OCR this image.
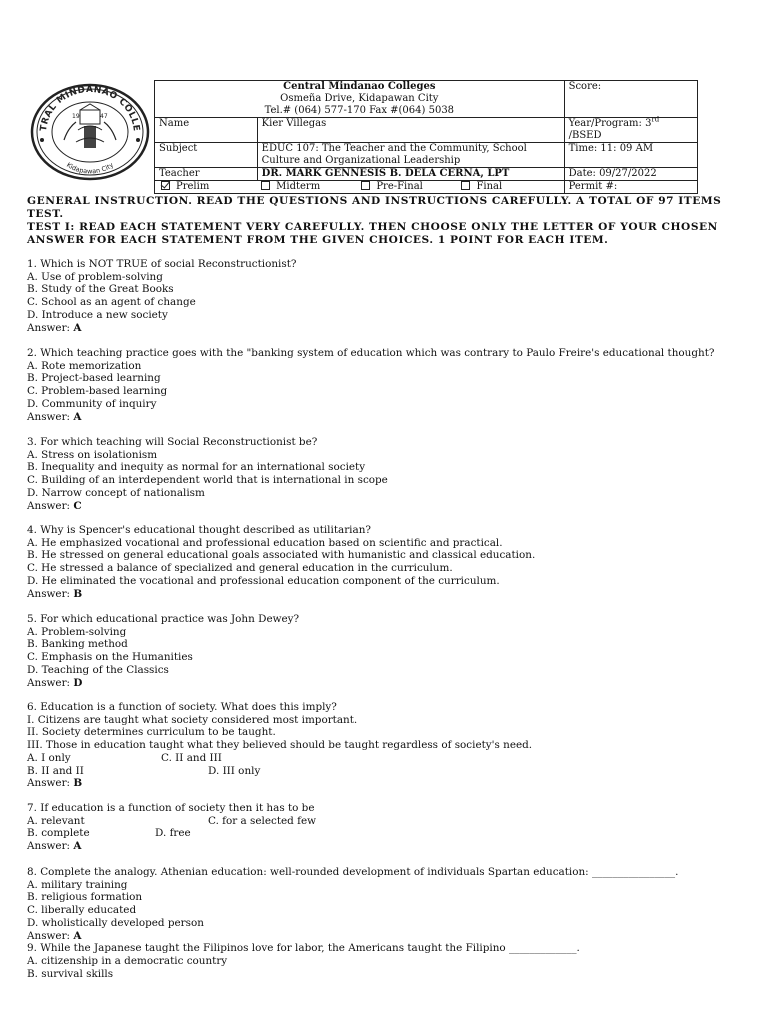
TRAL MINDANAO COLLE
Kidapawan City
19	47
Central Mindanao Colleges
Osmeña Drive, Kidapawan City
Tel.# (064) 577-170 Fax #(064) 5038		Score:
Name	Kier Villegas	Year/Program: 3rd /BSED
Subject	EDUC 107: The Teacher and the Community, School Culture and Organizational Leadership	Time: 11: 09 AM
Teacher	DR. MARK GENNESIS B. DELA CERNA, LPT	Date: 09/27/2022

Prelim Midterm Pre-Final Final		Permit #:
GENERAL INSTRUCTION. READ THE QUESTIONS AND INSTRUCTIONS CAREFULLY. A TOTAL OF 97 ITEMS TEST.
TEST I: READ EACH STATEMENT VERY CAREFULLY. THEN CHOOSE ONLY THE LETTER OF YOUR CHOSEN ANSWER FOR EACH STATEMENT FROM THE GIVEN CHOICES. 1 POINT FOR EACH ITEM.
1. Which is NOT TRUE of social Reconstructionist?
A. Use of problem-solving
B. Study of the Great Books
C. School as an agent of change
D. Introduce a new society
Answer: A
2. Which teaching practice goes with the "banking system of education which was contrary to Paulo Freire's educational thought?
A. Rote memorization
B. Project-based learning
C. Problem-based learning
D. Community of inquiry
Answer: A
3. For which teaching will Social Reconstructionist be?
A. Stress on isolationism
B. Inequality and inequity as normal for an international society
C. Building of an interdependent world that is international in scope
D. Narrow concept of nationalism
Answer: C
4. Why is Spencer's educational thought described as utilitarian?
A. He emphasized vocational and professional education based on scientific and practical.
B. He stressed on general educational goals associated with humanistic and classical education.
C. He stressed a balance of specialized and general education in the curriculum.
D. He eliminated the vocational and professional education component of the curriculum.
Answer: B
5. For which educational practice was John Dewey?
A. Problem-solving
B. Banking method
C. Emphasis on the Humanities
D. Teaching of the Classics
Answer: D
6. Education is a function of society. What does this imply?
I. Citizens are taught what society considered most important.
II. Society determines curriculum to be taught.
III. Those in education taught what they believed should be taught regardless of society's need.
A. I only	C. II and III
B. II and II	D. III only
Answer: B
7. If education is a function of society then it has to be
A. relevant	C. for a selected few
B. complete	D. free
Answer: A
8. Complete the analogy. Athenian education: well-rounded development of individuals Spartan education: ________________.
A. military training
B. religious formation
C. liberally educated
D. wholistically developed person
Answer: A
9. While the Japanese taught the Filipinos love for labor, the Americans taught the Filipino _____________.
A. citizenship in a democratic country
B. survival skills
